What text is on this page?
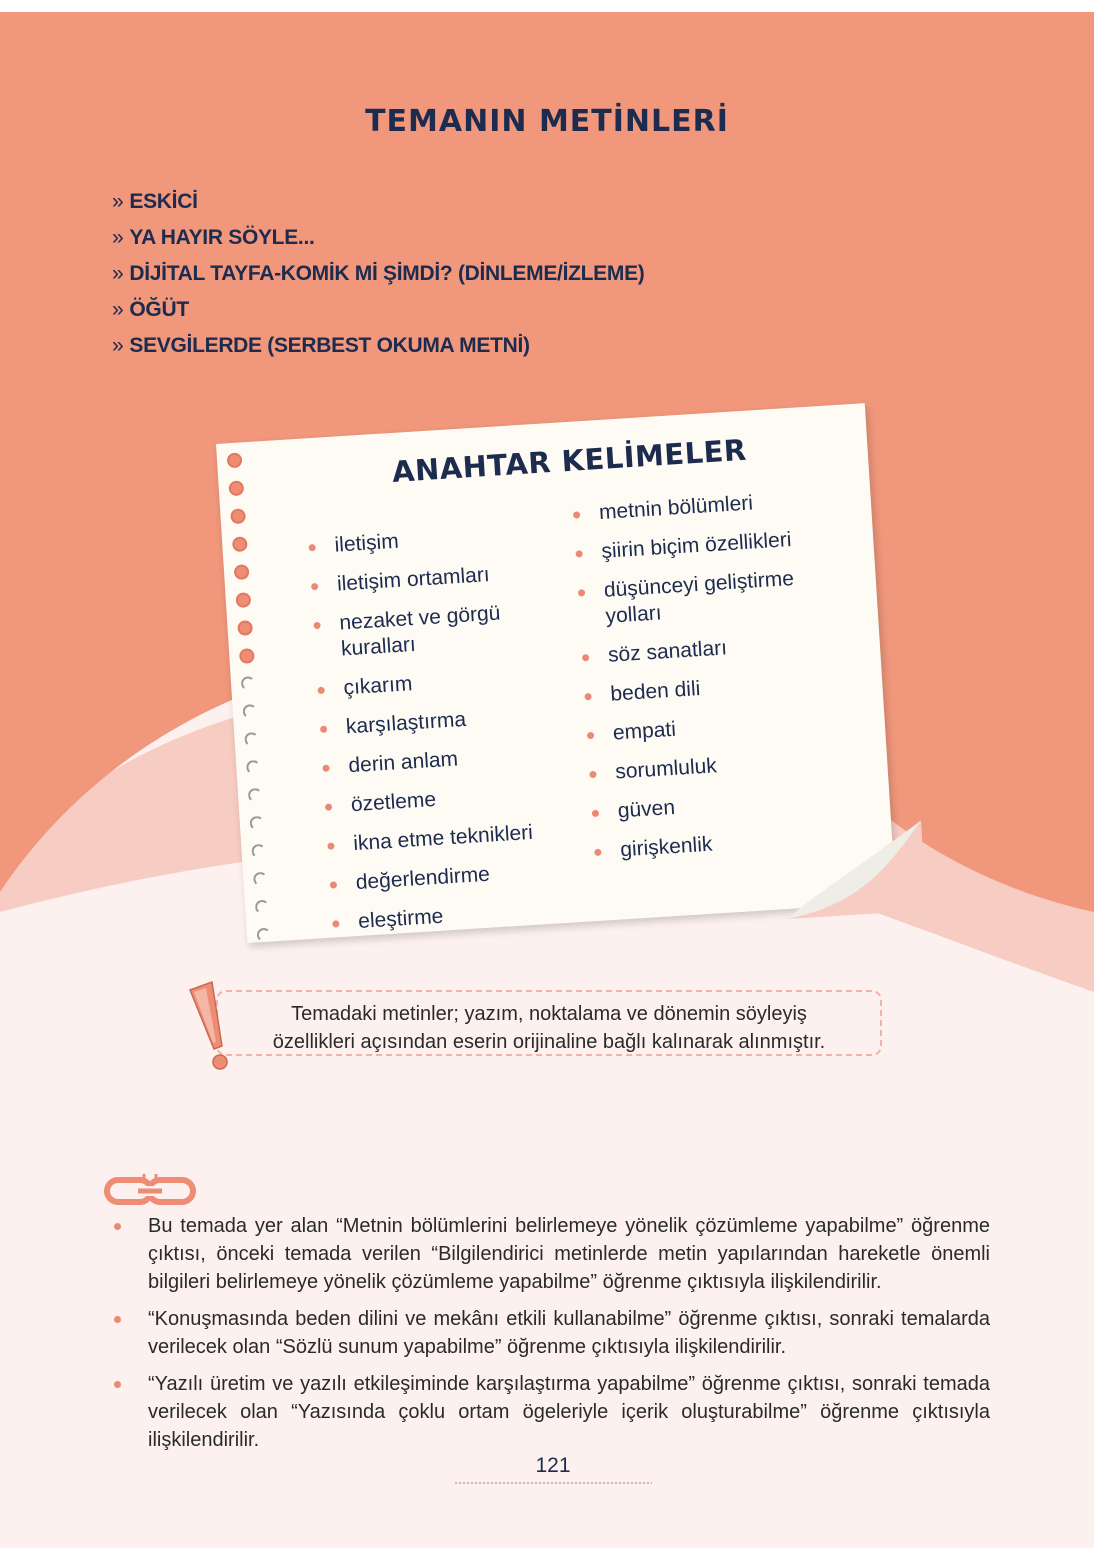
TEMANIN METİNLERİ
» ESKİCİ
» YA HAYIR SÖYLE...
» DİJİTAL TAYFA-KOMİK Mİ ŞİMDİ? (DİNLEME/İZLEME)
» ÖĞÜT
» SEVGİLERDE (SERBEST OKUMA METNİ)
ANAHTAR KELİMELER
iletişim
iletişim ortamları
nezaket ve görgü kuralları
çıkarım
karşılaştırma
derin anlam
özetleme
ikna etme teknikleri
değerlendirme
eleştirme
metnin bölümleri
şiirin biçim özellikleri
düşünceyi geliştirme yolları
söz sanatları
beden dili
empati
sorumluluk
güven
girişkenlik
Temadaki metinler; yazım, noktalama ve dönemin söyleyiş
özellikleri açısından eserin orijinaline bağlı kalınarak alınmıştır.
Bu temada yer alan “Metnin bölümlerini belirlemeye yönelik çözümleme yapabilme” öğrenme çıktısı, önceki temada verilen “Bilgilendirici metinlerde metin yapılarından hareketle önemli bilgileri belirlemeye yönelik çözümleme yapabilme” öğrenme çıktısıyla ilişkilendirilir.
“Konuşmasında beden dilini ve mekânı etkili kullanabilme” öğrenme çıktısı, sonraki temalarda verilecek olan “Sözlü sunum yapabilme” öğrenme çıktısıyla ilişkilendirilir.
“Yazılı üretim ve yazılı etkileşiminde karşılaştırma yapabilme” öğrenme çıktısı, sonraki temada verilecek olan “Yazısında çoklu ortam ögeleriyle içerik oluşturabilme” öğrenme çıktısıyla ilişkilendirilir.
121
